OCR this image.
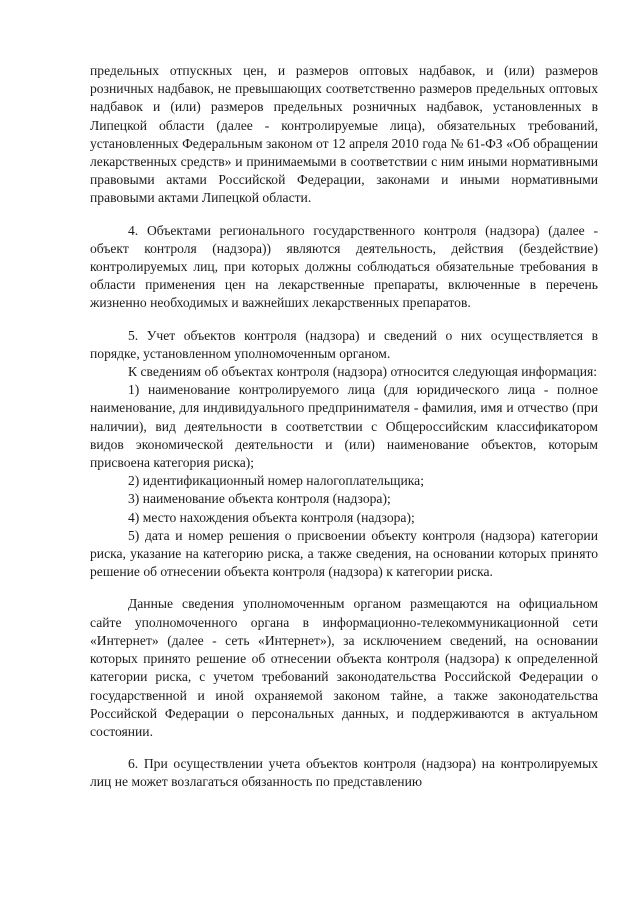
предельных отпускных цен, и размеров оптовых надбавок, и (или) размеров розничных надбавок, не превышающих соответственно размеров предельных оптовых надбавок и (или) размеров предельных розничных надбавок, установленных в Липецкой области (далее - контролируемые лица), обязательных требований, установленных Федеральным законом от 12 апреля 2010 года № 61-ФЗ «Об обращении лекарственных средств» и принимаемыми в соответствии с ним иными нормативными правовыми актами Российской Федерации, законами и иными нормативными правовыми актами Липецкой области.

4. Объектами регионального государственного контроля (надзора) (далее - объект контроля (надзора)) являются деятельность, действия (бездействие) контролируемых лиц, при которых должны соблюдаться обязательные требования в области применения цен на лекарственные препараты, включенные в перечень жизненно необходимых и важнейших лекарственных препаратов.

5. Учет объектов контроля (надзора) и сведений о них осуществляется в порядке, установленном уполномоченным органом.

К сведениям об объектах контроля (надзора) относится следующая информация:

1) наименование контролируемого лица (для юридического лица - полное наименование, для индивидуального предпринимателя - фамилия, имя и отчество (при наличии), вид деятельности в соответствии с Общероссийским классификатором видов экономической деятельности и (или) наименование объектов, которым присвоена категория риска);

2) идентификационный номер налогоплательщика;

3) наименование объекта контроля (надзора);

4) место нахождения объекта контроля (надзора);

5) дата и номер решения о присвоении объекту контроля (надзора) категории риска, указание на категорию риска, а также сведения, на основании которых принято решение об отнесении объекта контроля (надзора) к категории риска.

Данные сведения уполномоченным органом размещаются на официальном сайте уполномоченного органа в информационно-телекоммуникационной сети «Интернет» (далее - сеть «Интернет»), за исключением сведений, на основании которых принято решение об отнесении объекта контроля (надзора) к определенной категории риска, с учетом требований законодательства Российской Федерации о государственной и иной охраняемой законом тайне, а также законодательства Российской Федерации о персональных данных, и поддерживаются в актуальном состоянии.

6. При осуществлении учета объектов контроля (надзора) на контролируемых лиц не может возлагаться обязанность по представлению
